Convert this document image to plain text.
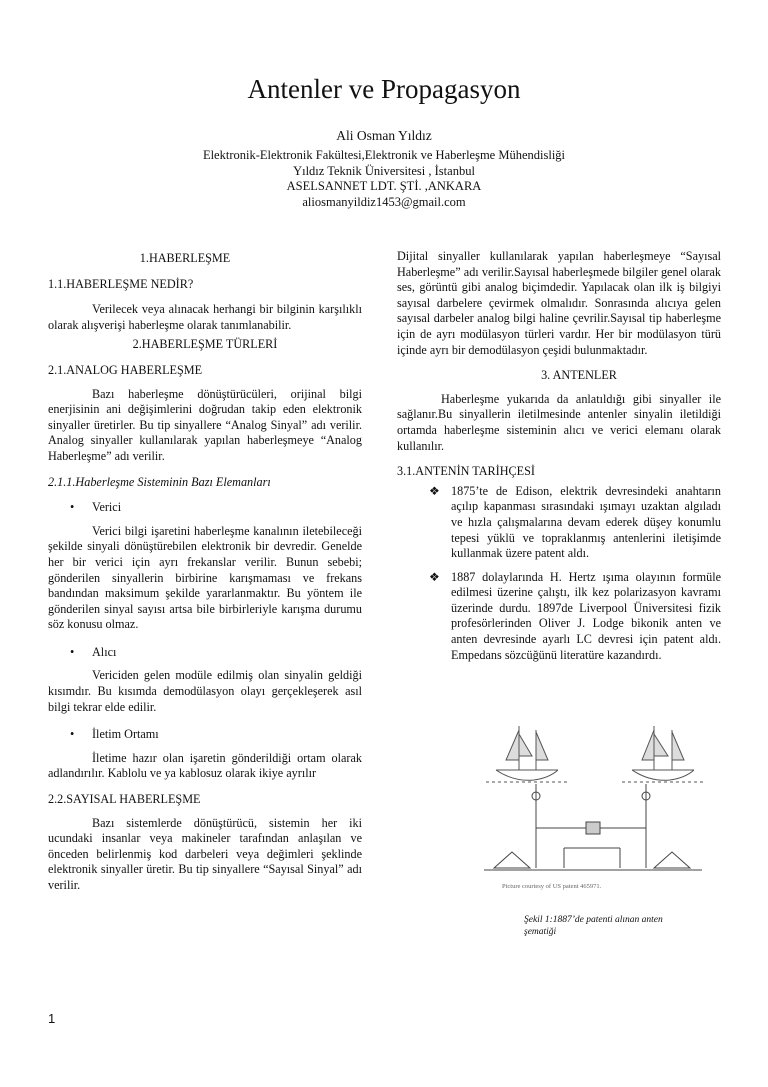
Antenler ve Propagasyon
Ali Osman Yıldız
Elektronik-Elektronik Fakültesi,Elektronik ve Haberleşme Mühendisliği
Yıldız Teknik Üniversitesi , İstanbul
ASELSANNET LDT. ŞTİ. ,ANKARA
aliosmanyildiz1453@gmail.com

1.HABERLEŞME

1.1.HABERLEŞME NEDİR?

Verilecek veya alınacak herhangi bir bilginin karşılıklı olarak alışverişi haberleşme olarak tanımlanabilir.

2.HABERLEŞME TÜRLERİ

2.1.ANALOG HABERLEŞME

Bazı haberleşme dönüştürücüleri, orijinal bilgi enerjisinin ani değişimlerini doğrudan takip eden elektronik sinyaller üretirler. Bu tip sinyallere “Analog Sinyal” adı verilir. Analog sinyaller kullanılarak yapılan haberleşmeye “Analog Haberleşme” adı verilir.

2.1.1.Haberleşme Sisteminin Bazı Elemanları

•	Verici

Verici bilgi işaretini haberleşme kanalının iletebileceği şekilde sinyali dönüştürebilen elektronik bir devredir. Genelde her bir verici için ayrı frekanslar verilir. Bunun sebebi; gönderilen sinyallerin birbirine karışmaması ve frekans bandından maksimum şekilde yararlanmaktır. Bu yöntem ile gönderilen sinyal sayısı artsa bile birbirleriyle karışma durumu söz konusu olmaz.

•	Alıcı

Vericiden gelen modüle edilmiş olan sinyalin geldiği kısımdır. Bu kısımda demodülasyon olayı gerçekleşerek asıl bilgi tekrar elde edilir.

•	İletim Ortamı

İletime hazır olan işaretin gönderildiği ortam olarak adlandırılır. Kablolu ve ya kablosuz olarak ikiye ayrılır

2.2.SAYISAL HABERLEŞME

Bazı sistemlerde dönüştürücü, sistemin her iki ucundaki insanlar veya makineler tarafından anlaşılan ve önceden belirlenmiş kod darbeleri veya değimleri şeklinde elektronik sinyaller üretir. Bu tip sinyallere “Sayısal Sinyal” adı verilir.

Dijital sinyaller kullanılarak yapılan haberleşmeye “Sayısal Haberleşme” adı verilir.Sayısal haberleşmede bilgiler genel olarak ses, görüntü gibi analog biçimdedir. Yapılacak olan ilk iş bilgiyi sayısal darbelere çevirmek olmalıdır. Sonrasında alıcıya gelen sayısal darbeler analog bilgi haline çevrilir.Sayısal tip haberleşme için de ayrı modülasyon türleri vardır. Her bir modülasyon türü içinde ayrı bir demodülasyon çeşidi bulunmaktadır.

3. ANTENLER

Haberleşme yukarıda da anlatıldığı gibi sinyaller ile sağlanır.Bu sinyallerin iletilmesinde antenler sinyalin iletildiği ortamda haberleşme sisteminin alıcı ve verici elemanı olarak kullanılır.

3.1.ANTENİN TARİHÇESİ

❖ 1875’te de Edison, elektrik devresindeki anahtarın açılıp kapanması sırasındaki ışımayı uzaktan algıladı ve hızla çalışmalarına devam ederek düşey konumlu tepesi yüklü ve topraklanmış antenlerini iletişimde kullanmak üzere patent aldı.

❖ 1887 dolaylarında H. Hertz ışıma olayının formüle edilmesi üzerine çalıştı, ilk kez polarizasyon kavramı üzerinde durdu. 1897de Liverpool Üniversitesi fizik profesörlerinden Oliver J. Lodge bikonik anten ve anten devresinde ayarlı LC devresi için patent aldı. Empedans sözcüğünü literatüre kazandırdı.

Picture courtesy of US patent 465971.
Şekil 1:1887’de patenti alınan anten şematiği
1
